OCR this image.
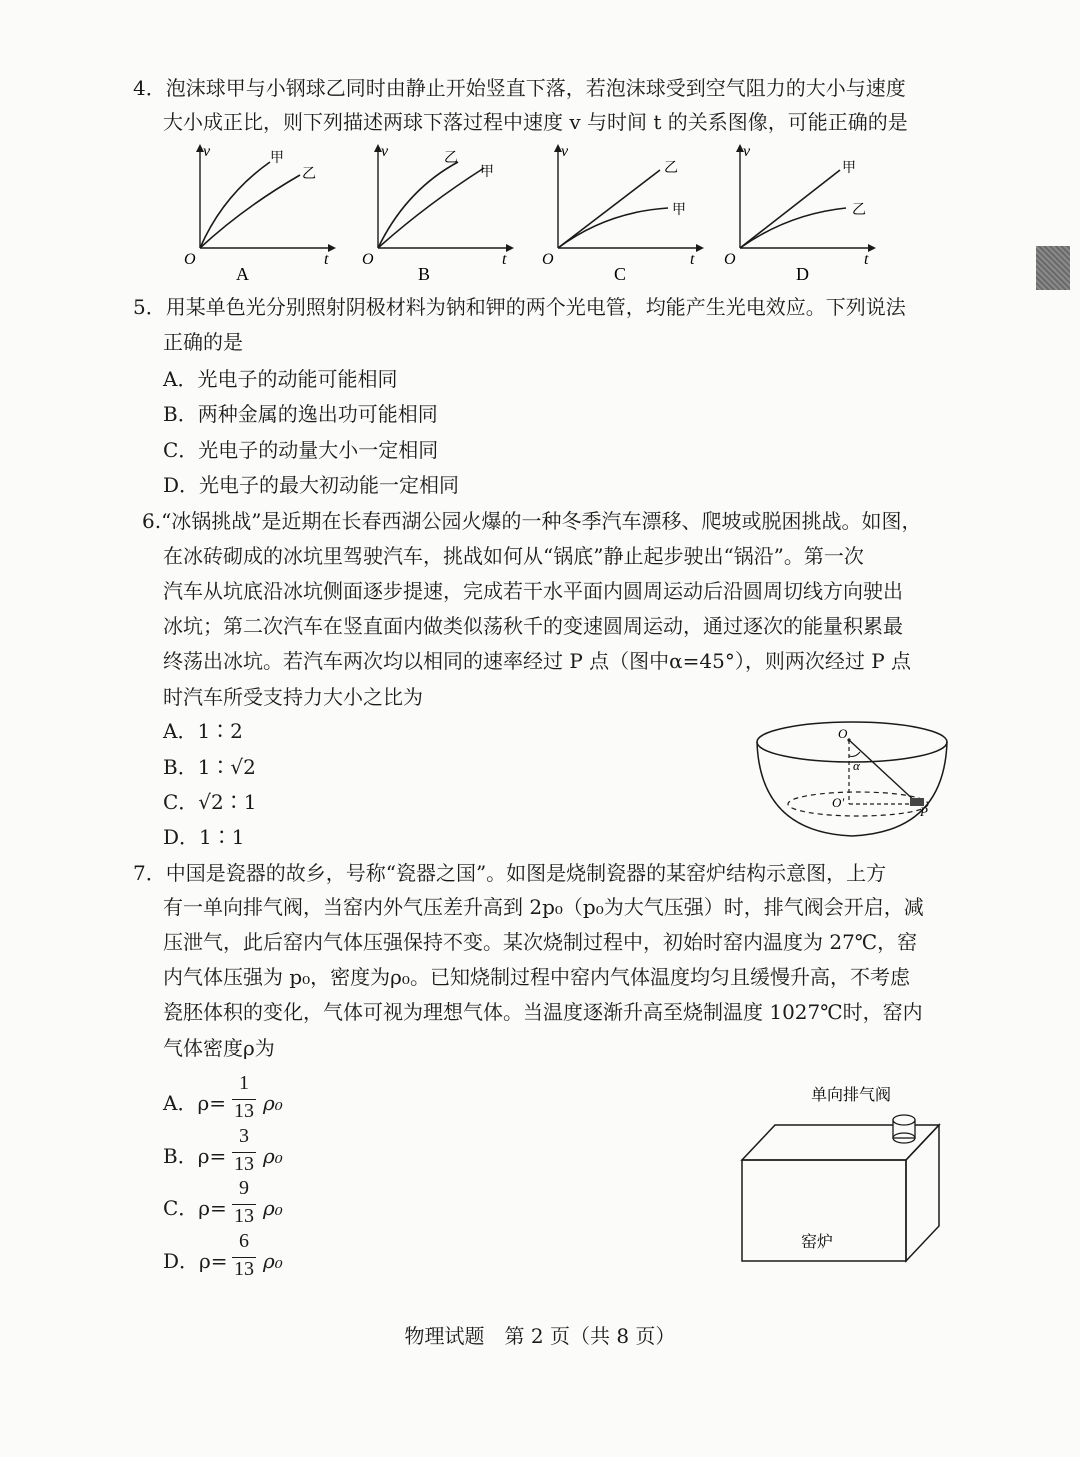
4．泡沫球甲与小钢球乙同时由静止开始竖直下落，若泡沫球受到空气阻力的大小与速度
大小成正比，则下列描述两球下落过程中速度 v 与时间 t 的关系图像，可能正确的是
v
t
O
甲
乙
A
v
t
O
乙
甲
B
v
t
O
乙
甲
C
v
t
O
甲
乙
D
5．用某单色光分别照射阴极材料为钠和钾的两个光电管，均能产生光电效应。下列说法
正确的是
A．光电子的动能可能相同
B．两种金属的逸出功可能相同
C．光电子的动量大小一定相同
D．光电子的最大初动能一定相同
6.“冰锅挑战”是近期在长春西湖公园火爆的一种冬季汽车漂移、爬坡或脱困挑战。如图，
在冰砖砌成的冰坑里驾驶汽车，挑战如何从“锅底”静止起步驶出“锅沿”。第一次
汽车从坑底沿冰坑侧面逐步提速，完成若干水平面内圆周运动后沿圆周切线方向驶出
冰坑；第二次汽车在竖直面内做类似荡秋千的变速圆周运动，通过逐次的能量积累最
终荡出冰坑。若汽车两次均以相同的速率经过 P 点（图中α=45°），则两次经过 P 点
时汽车所受支持力大小之比为
A．1∶2
B．1∶√2
C．√2∶1
D．1∶1
O
α
O′
P
7．中国是瓷器的故乡，号称“瓷器之国”。如图是烧制瓷器的某窑炉结构示意图，上方
有一单向排气阀，当窑内外气压差升高到 2p₀（p₀为大气压强）时，排气阀会开启，减
压泄气，此后窑内气体压强保持不变。某次烧制过程中，初始时窑内温度为 27℃，窑
内气体压强为 p₀，密度为ρ₀。已知烧制过程中窑内气体温度均匀且缓慢升高，不考虑
瓷胚体积的变化，气体可视为理想气体。当温度逐渐升高至烧制温度 1027℃时，窑内
气体密度ρ为
A．ρ=
1
13 ρ₀
B．ρ=
3
13 ρ₀
C．ρ=
9
13 ρ₀
D．ρ=
6
13 ρ₀
单向排气阀
窑炉
物理试题　第 2 页（共 8 页）
